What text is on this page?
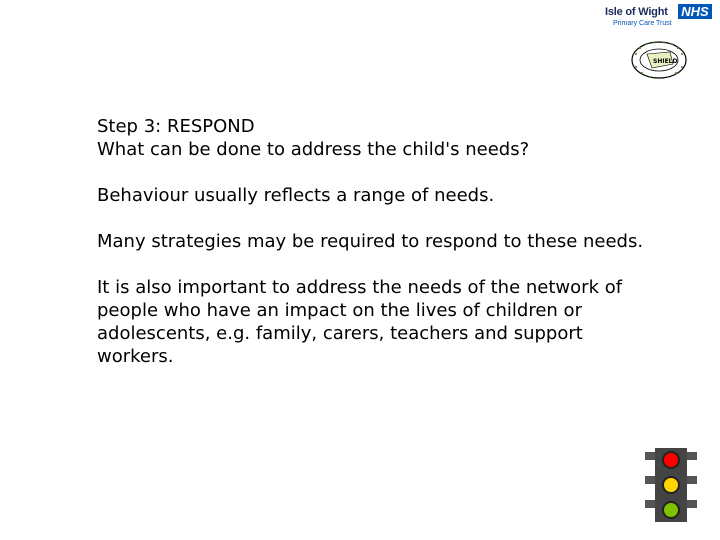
Isle of Wight NHS
Primary Care Trust
SHIELD
Step 3: RESPOND
What can be done to address the child's needs?
Behaviour usually reflects a range of needs.
Many strategies may be required to respond to these needs.
It is also important to address the needs of the network of people who have an impact on the lives of children or adolescents, e.g. family, carers, teachers and support workers.
